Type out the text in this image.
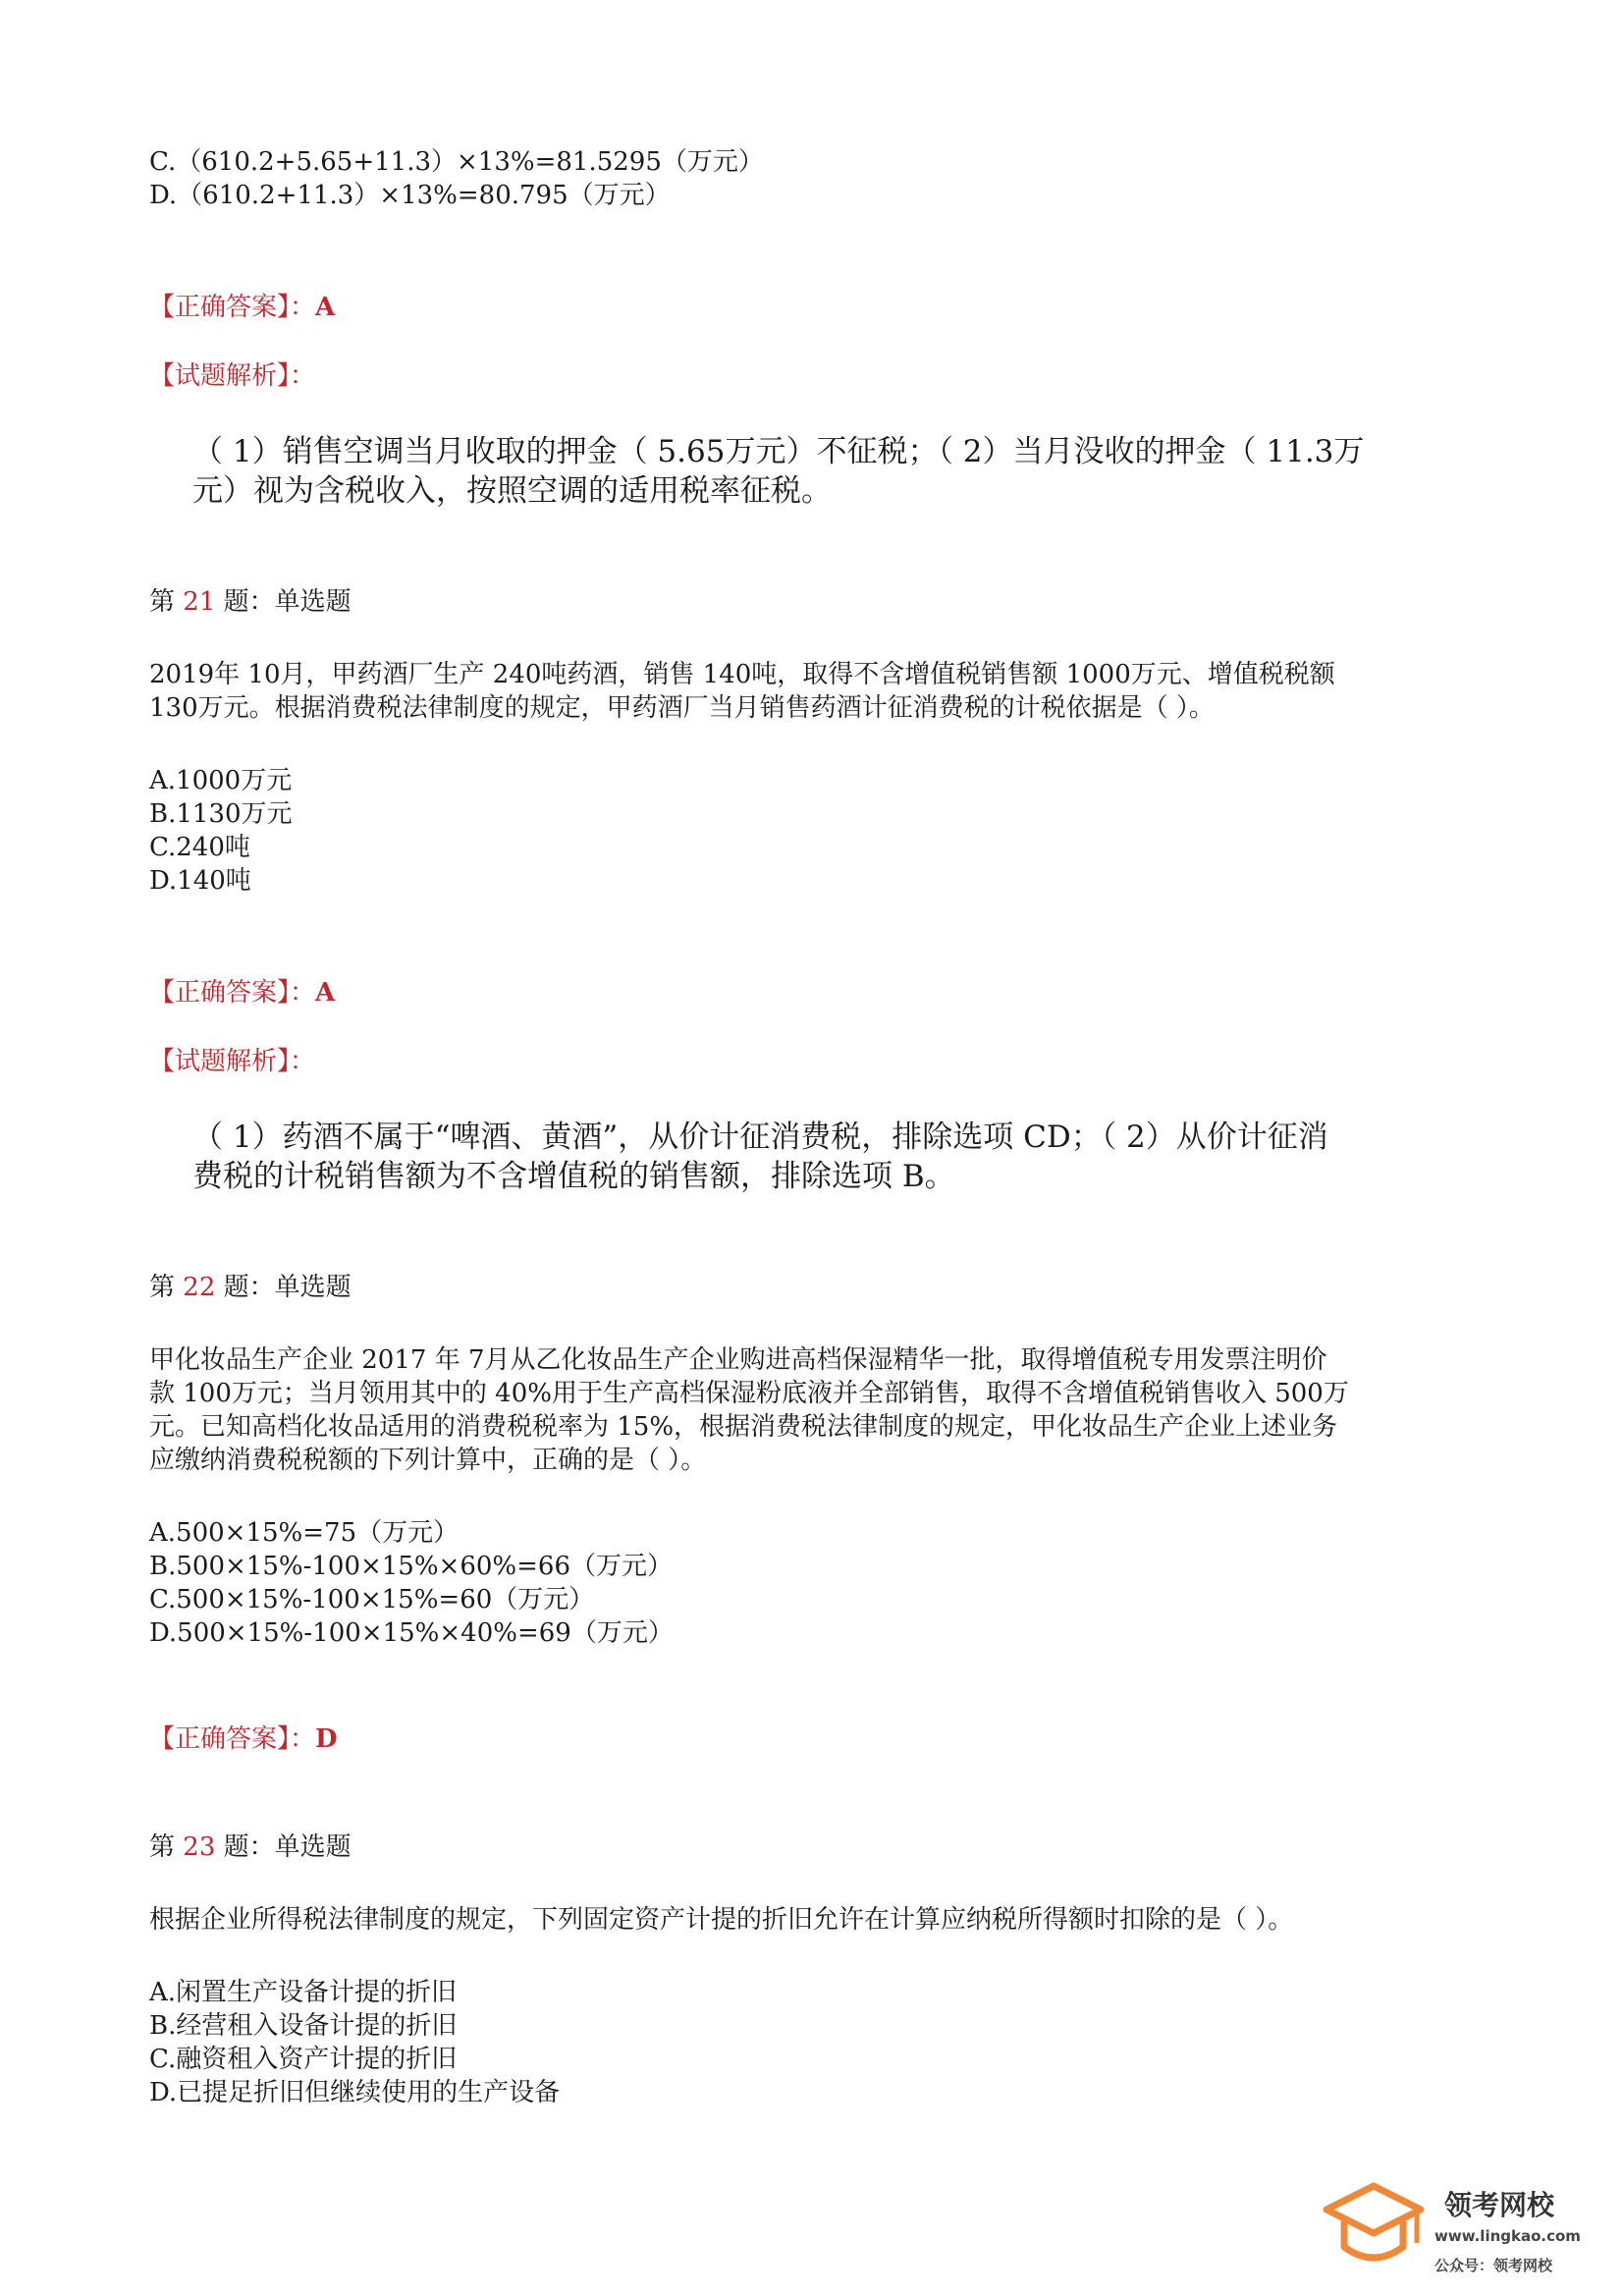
C.（610.2+5.65+11.3）×13%=81.5295（万元）
D.（610.2+11.3）×13%=80.795（万元）
【正确答案】：A
【试题解析】：
（ 1）销售空调当月收取的押金（ 5.65万元）不征税；（ 2）当月没收的押金（ 11.3万
元）视为含税收入，按照空调的适用税率征税。
第 21 题：单选题
2019年 10月，甲药酒厂生产 240吨药酒，销售 140吨，取得不含增值税销售额 1000万元、增值税税额
130万元。根据消费税法律制度的规定，甲药酒厂当月销售药酒计征消费税的计税依据是（ ）。
A.1000万元
B.1130万元
C.240吨
D.140吨
【正确答案】：A
【试题解析】：
（ 1）药酒不属于“啤酒、黄酒”，从价计征消费税，排除选项 CD；（ 2）从价计征消
费税的计税销售额为不含增值税的销售额，排除选项 B。
第 22 题：单选题
甲化妆品生产企业 2017 年 7月从乙化妆品生产企业购进高档保湿精华一批，取得增值税专用发票注明价
款 100万元；当月领用其中的 40%用于生产高档保湿粉底液并全部销售，取得不含增值税销售收入 500万
元。已知高档化妆品适用的消费税税率为 15%，根据消费税法律制度的规定，甲化妆品生产企业上述业务
应缴纳消费税税额的下列计算中，正确的是（ ）。
A.500×15%=75（万元）
B.500×15%-100×15%×60%=66（万元）
C.500×15%-100×15%=60（万元）
D.500×15%-100×15%×40%=69（万元）
【正确答案】：D
第 23 题：单选题
根据企业所得税法律制度的规定，下列固定资产计提的折旧允许在计算应纳税所得额时扣除的是（ ）。
A.闲置生产设备计提的折旧
B.经营租入设备计提的折旧
C.融资租入资产计提的折旧
D.已提足折旧但继续使用的生产设备
领考网校
www.lingkao.com
公众号：领考网校
